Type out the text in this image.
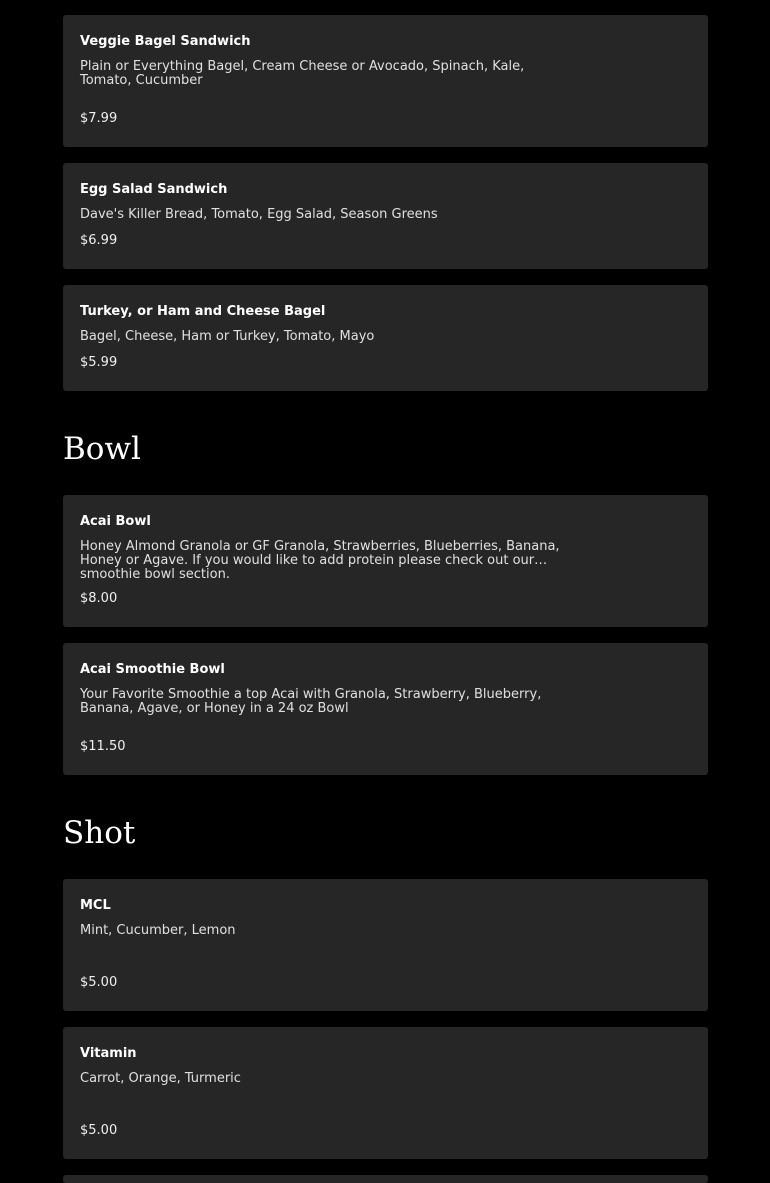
Veggie Bagel Sandwich
Plain or Everything Bagel, Cream Cheese or Avocado, Spinach, Kale, Tomato, Cucumber
$7.99
Egg Salad Sandwich
Dave's Killer Bread, Tomato, Egg Salad, Season Greens
$6.99
Turkey, or Ham and Cheese Bagel
Bagel, Cheese, Ham or Turkey, Tomato, Mayo
$5.99
Bowl
Acai Bowl
Honey Almond Granola or GF Granola, Strawberries, Blueberries, Banana, Honey or Agave. If you would like to add protein please check out our smoothie bowl section.
$8.00
Acai Smoothie Bowl
Your Favorite Smoothie a top Acai with Granola, Strawberry, Blueberry, Banana, Agave, or Honey in a 24 oz Bowl
$11.50
Shot
MCL
Mint, Cucumber, Lemon
$5.00
Vitamin
Carrot, Orange, Turmeric
$5.00
